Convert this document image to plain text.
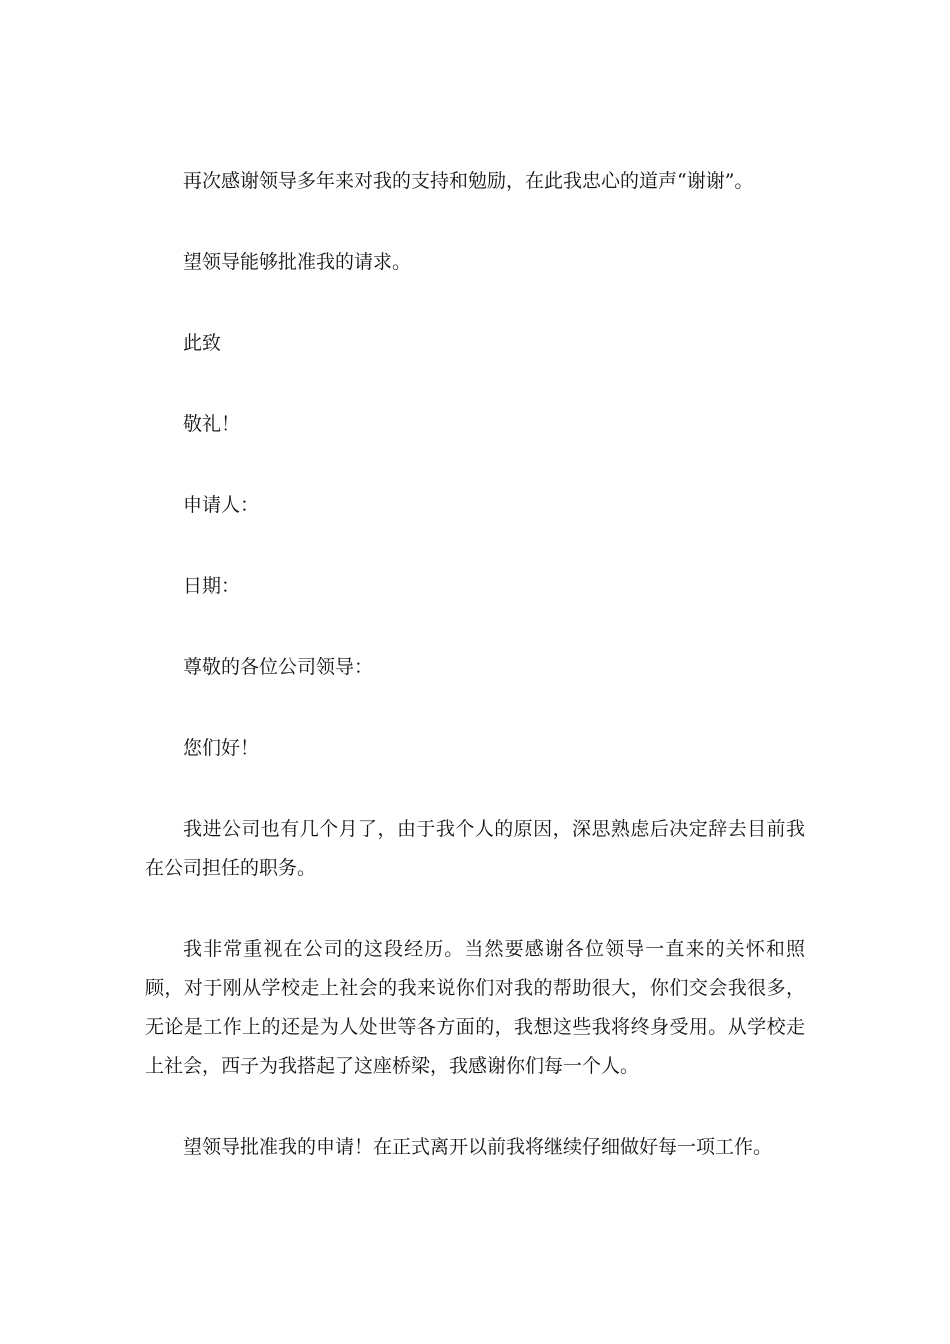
再次感谢领导多年来对我的支持和勉励，在此我忠心的道声“谢谢”。

望领导能够批准我的请求。

此致

敬礼！

申请人：

日期：

尊敬的各位公司领导：

您们好！

我进公司也有几个月了，由于我个人的原因，深思熟虑后决定辞去目前我在公司担任的职务。

我非常重视在公司的这段经历。当然要感谢各位领导一直来的关怀和照顾，对于刚从学校走上社会的我来说你们对我的帮助很大，你们交会我很多，无论是工作上的还是为人处世等各方面的，我想这些我将终身受用。从学校走上社会，西子为我搭起了这座桥梁，我感谢你们每一个人。

望领导批准我的申请！在正式离开以前我将继续仔细做好每一项工作。
